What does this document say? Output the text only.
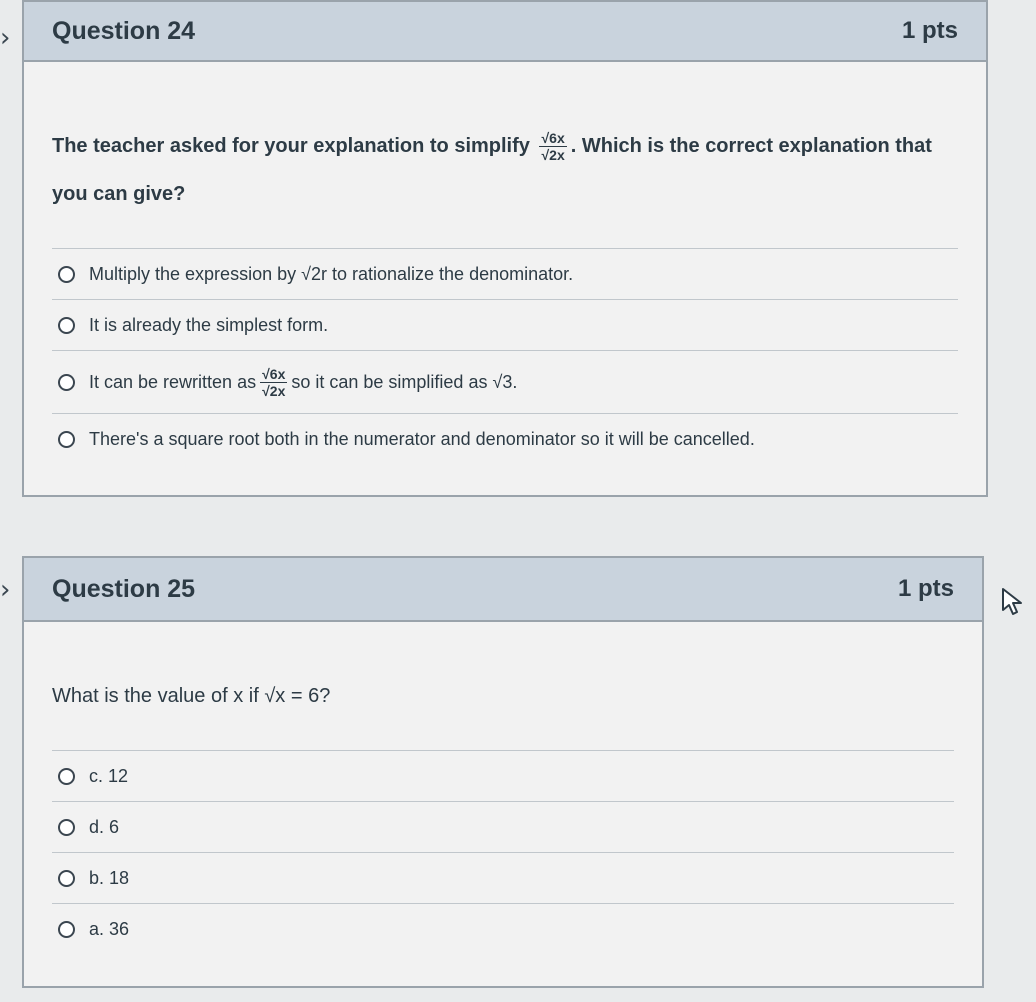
› Question 24	1 pts
The teacher asked for your explanation to simplify $\frac{√6x}{√2x}$ . Which is the correct explanation that
you can give?
Multiply the expression by √2r to rationalize the denominator.
It is already the simplest form.
It can be rewritten as $\frac{√6x}{√2x}$ so it can be simplified as √3.
There's a square root both in the numerator and denominator so it will be cancelled.
› Question 25	1 pts
What is the value of x if √x = 6?
c. 12
d. 6
b. 18
a. 36
